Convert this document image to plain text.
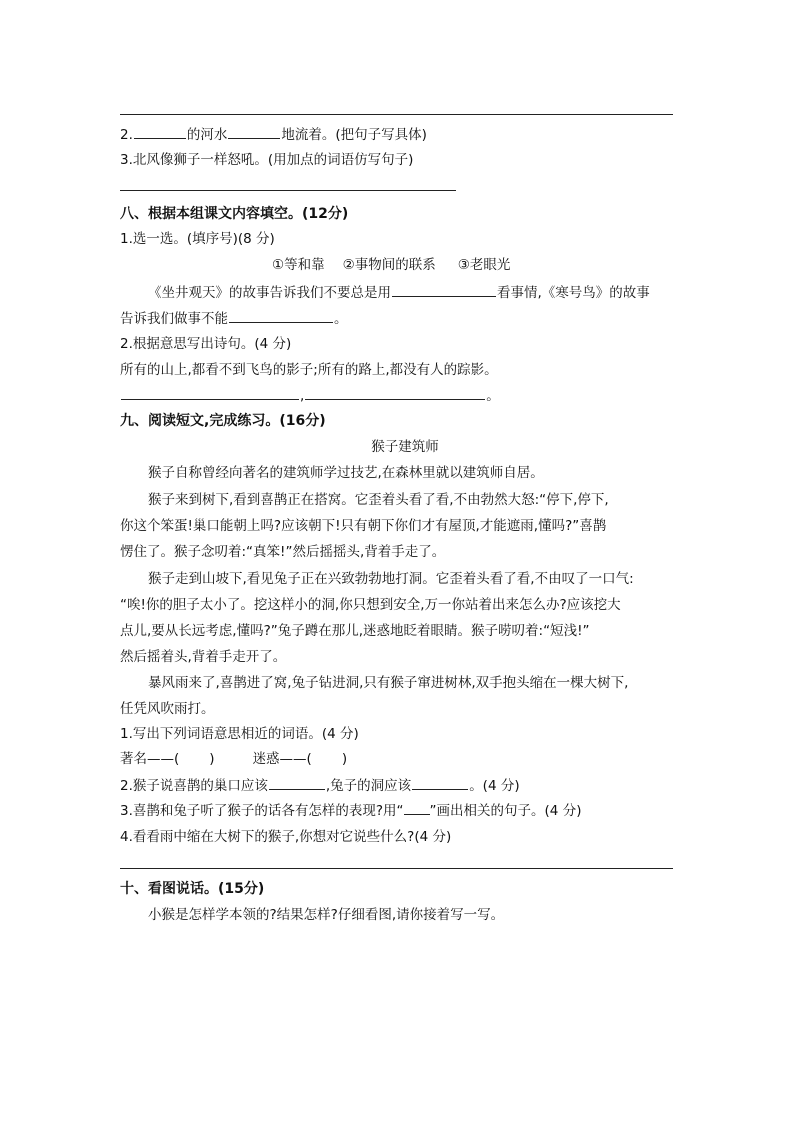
2.	的河水	地流着。(把句子写具体)
3.北风像狮子一样怒吼。(用加点的词语仿写句子)
八、根据本组课文内容填空。(12分)
1.选一选。(填序号)(8 分)
①等和靠 ②事物间的联系 ③老眼光
《坐井观天》的故事告诉我们不要总是用	看事情,《寒号鸟》的故事
告诉我们做事不能	。
2.根据意思写出诗句。(4 分)
所有的山上,都看不到飞鸟的影子;所有的路上,都没有人的踪影。
,	。
九、阅读短文,完成练习。(16分)
猴子建筑师
猴子自称曾经向著名的建筑师学过技艺,在森林里就以建筑师自居。
猴子来到树下,看到喜鹊正在搭窝。它歪着头看了看,不由勃然大怒:“停下,停下,
你这个笨蛋!巢口能朝上吗?应该朝下!只有朝下你们才有屋顶,才能遮雨,懂吗?”喜鹊
愣住了。猴子念叨着:“真笨!”然后摇摇头,背着手走了。
猴子走到山坡下,看见兔子正在兴致勃勃地打洞。它歪着头看了看,不由叹了一口气:
“唉!你的胆子太小了。挖这样小的洞,你只想到安全,万一你站着出来怎么办?应该挖大
点儿,要从长远考虑,懂吗?”兔子蹲在那儿,迷惑地眨着眼睛。猴子唠叨着:“短浅!”
然后摇着头,背着手走开了。
暴风雨来了,喜鹊进了窝,兔子钻进洞,只有猴子窜进树林,双手抱头缩在一棵大树下,
任凭风吹雨打。
1.写出下列词语意思相近的词语。(4 分)
著名——( )	迷惑——( )
2.猴子说喜鹊的巢口应该	,兔子的洞应该	。(4 分)
3.喜鹊和兔子听了猴子的话各有怎样的表现?用“ ”画出相关的句子。(4 分)
4.看看雨中缩在大树下的猴子,你想对它说些什么?(4 分)
十、看图说话。(15分)
小猴是怎样学本领的?结果怎样?仔细看图,请你接着写一写。
